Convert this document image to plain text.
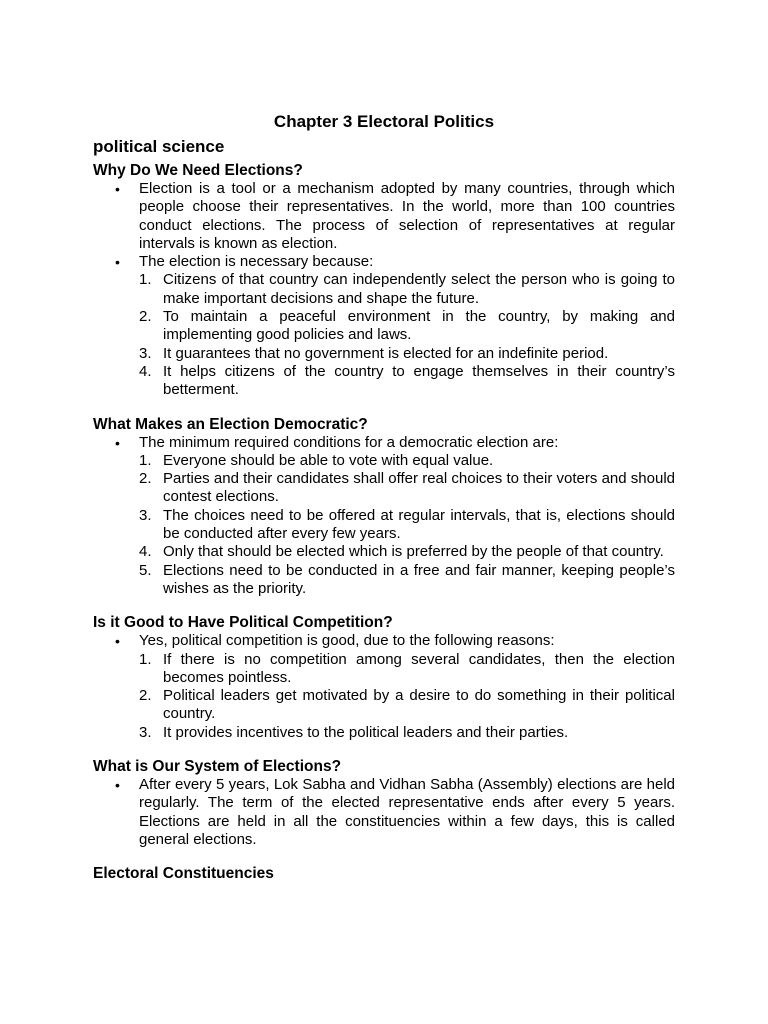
Chapter 3 Electoral Politics
political science
Why Do We Need Elections?
• Election is a tool or a mechanism adopted by many countries, through which people choose their representatives. In the world, more than 100 countries conduct elections. The process of selection of representatives at regular intervals is known as election.
• The election is necessary because:
1. Citizens of that country can independently select the person who is going to make important decisions and shape the future.
2. To maintain a peaceful environment in the country, by making and implementing good policies and laws.
3. It guarantees that no government is elected for an indefinite period.
4. It helps citizens of the country to engage themselves in their country’s betterment.
What Makes an Election Democratic?
• The minimum required conditions for a democratic election are:
1. Everyone should be able to vote with equal value.
2. Parties and their candidates shall offer real choices to their voters and should contest elections.
3. The choices need to be offered at regular intervals, that is, elections should be conducted after every few years.
4. Only that should be elected which is preferred by the people of that country.
5. Elections need to be conducted in a free and fair manner, keeping people’s wishes as the priority.
Is it Good to Have Political Competition?
• Yes, political competition is good, due to the following reasons:
1. If there is no competition among several candidates, then the election becomes pointless.
2. Political leaders get motivated by a desire to do something in their political country.
3. It provides incentives to the political leaders and their parties.
What is Our System of Elections?
• After every 5 years, Lok Sabha and Vidhan Sabha (Assembly) elections are held regularly. The term of the elected representative ends after every 5 years. Elections are held in all the constituencies within a few days, this is called general elections.
Electoral Constituencies
